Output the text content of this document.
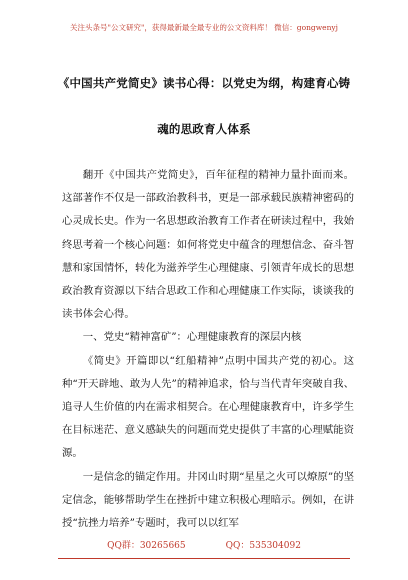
关注头条号"公文研究"，获得最新最全最专业的公文资料库！ 微信：gongwenyj
《中国共产党简史》读书心得：以党史为纲，构建育心铸
魂的思政育人体系

翻开《中国共产党简史》，百年征程的精神力量扑面而来。这部著作不仅是一部政治教科书，更是一部承载民族精神密码的心灵成长史。作为一名思想政治教育工作者在研读过程中，我始终思考着一个核心问题：如何将党史中蕴含的理想信念、奋斗智慧和家国情怀，转化为滋养学生心理健康、引领青年成长的思想政治教育资源以下结合思政工作和心理健康工作实际，谈谈我的读书体会心得。

一、党史“精神富矿”：心理健康教育的深层内核

《简史》开篇即以“红船精神”点明中国共产党的初心。这种“开天辟地、敢为人先”的精神追求，恰与当代青年突破自我、追寻人生价值的内在需求相契合。在心理健康教育中，许多学生在目标迷茫、意义感缺失的问题而党史提供了丰富的心理赋能资源。

一是信念的锚定作用。井冈山时期“星星之火可以燎原”的坚定信念，能够帮助学生在挫折中建立积极心理暗示。例如，在讲授“抗挫力培养”专题时，我可以以红军

QQ群：30265665	QQ：535304092
